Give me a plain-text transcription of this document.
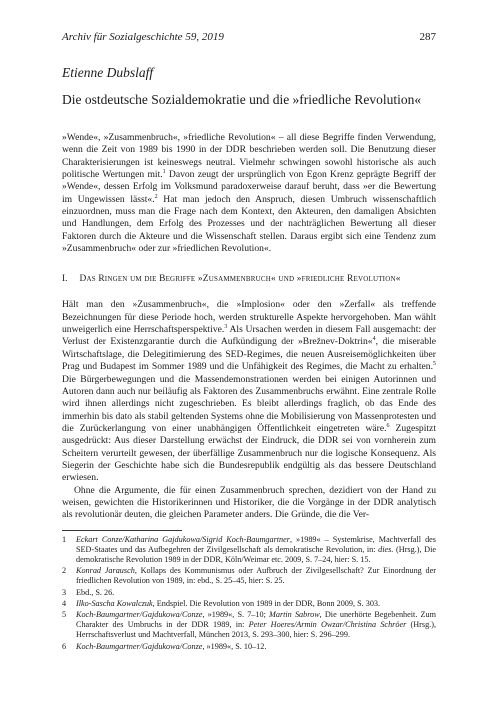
Archiv für Sozialgeschichte 59, 2019	287
Etienne Dubslaff
Die ostdeutsche Sozialdemokratie und die »friedliche Revolution«
»Wende«, »Zusammenbruch«, »friedliche Revolution« – all diese Begriffe finden Verwendung, wenn die Zeit von 1989 bis 1990 in der DDR beschrieben werden soll. Die Benutzung dieser Charakterisierungen ist keineswegs neutral. Vielmehr schwingen sowohl historische als auch politische Wertungen mit.$^1$ Davon zeugt der ursprünglich von Egon Krenz geprägte Begriff der »Wende«, dessen Erfolg im Volksmund paradoxerweise darauf beruht, dass »er die Bewertung im Ungewissen lässt«.$^2$ Hat man jedoch den Anspruch, diesen Umbruch wissenschaftlich einzuordnen, muss man die Frage nach dem Kontext, den Akteuren, den damaligen Absichten und Handlungen, dem Erfolg des Prozesses und der nachträglichen Bewertung all dieser Faktoren durch die Akteure und die Wissenschaft stellen. Daraus ergibt sich eine Tendenz zum »Zusammenbruch« oder zur »friedlichen Revolution«.
I. Das Ringen um die Begriffe »Zusammenbruch« und »friedliche Revolution«
Hält man den »Zusammenbruch«, die »Implosion« oder den »Zerfall« als treffende Bezeichnungen für diese Periode hoch, werden strukturelle Aspekte hervorgehoben. Man wählt unweigerlich eine Herrschaftsperspektive.$^3$ Als Ursachen werden in diesem Fall ausgemacht: der Verlust der Existenzgarantie durch die Aufkündigung der »Brežnev-Doktrin«$^4$, die miserable Wirtschaftslage, die Delegitimierung des SED-Regimes, die neuen Ausreisemöglichkeiten über Prag und Budapest im Sommer 1989 und die Unfähigkeit des Regimes, die Macht zu erhalten.$^5$ Die Bürgerbewegungen und die Massendemonstrationen werden bei einigen Autorinnen und Autoren dann auch nur beiläufig als Faktoren des Zusammenbruchs erwähnt. Eine zentrale Rolle wird ihnen allerdings nicht zugeschrieben. Es bleibt allerdings fraglich, ob das Ende des immerhin bis dato als stabil geltenden Systems ohne die Mobilisierung von Massenprotesten und die Zurückerlangung von einer unabhängigen Öffentlichkeit eingetreten wäre.$^6$ Zugespitzt ausgedrückt: Aus dieser Darstellung erwächst der Eindruck, die DDR sei von vornherein zum Scheitern verurteilt gewesen, der überfällige Zusammenbruch nur die logische Konsequenz. Als Siegerin der Geschichte habe sich die Bundesrepublik endgültig als das bessere Deutschland erwiesen.
Ohne die Argumente, die für einen Zusammenbruch sprechen, dezidiert von der Hand zu weisen, gewichten die Historikerinnen und Historiker, die die Vorgänge in der DDR analytisch als revolutionär deuten, die gleichen Parameter anders. Die Gründe, die die Ver-
1	Eckart Conze/Katharina Gajdukowa/Sigrid Koch-Baumgartner, »1989« – Systemkrise, Machtverfall des SED-Staates und das Aufbegehren der Zivilgesellschaft als demokratische Revolution, in: dies. (Hrsg.), Die demokratische Revolution 1989 in der DDR, Köln/Weimar etc. 2009, S. 7–24, hier: S. 15.
2	Konrad Jarausch, Kollaps des Kommunismus oder Aufbruch der Zivilgesellschaft? Zur Einordnung der friedlichen Revolution von 1989, in: ebd., S. 25–45, hier: S. 25.
3	Ebd., S. 26.
4	Ilko-Sascha Kowalczuk, Endspiel. Die Revolution von 1989 in der DDR, Bonn 2009, S. 303.
5	Koch-Baumgartner/Gajdukowa/Conze, »1989«, S. 7–10; Martin Sabrow, Die unerhörte Begebenheit. Zum Charakter des Umbruchs in der DDR 1989, in: Peter Hoeres/Armin Owzar/Christina Schröer (Hrsg.), Herrschaftsverlust und Machtverfall, München 2013, S. 293–300, hier: S. 296–299.
6	Koch-Baumgartner/Gajdukowa/Conze, »1989«, S. 10–12.
